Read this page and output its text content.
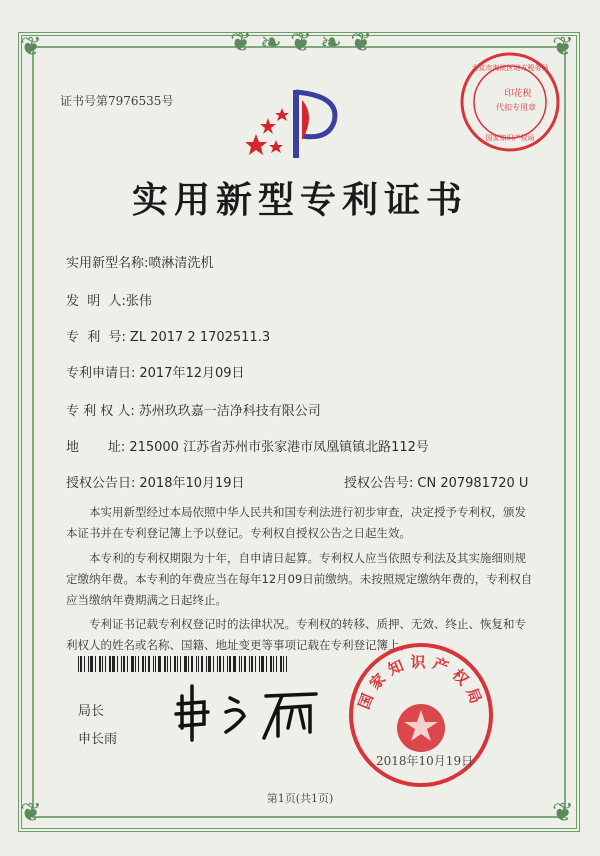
❦ ❧ ❦ ❧ ❦
❦	❦
❦	❦
证书号第7976535号
北京市海淀区地方税务局
印花税
代扣专用章
国家知识产权局
实用新型专利证书
实用新型名称:喷淋清洗机
发  明  人:张伟
专  利  号: ZL 2017 2 1702511.3
专利申请日: 2017年12月09日
专 利 权 人: 苏州玖玖嘉一洁净科技有限公司
地       址: 215000 江苏省苏州市张家港市凤凰镇镇北路112号
授权公告日: 2018年10月19日	授权公告号: CN 207981720 U
本实用新型经过本局依照中华人民共和国专利法进行初步审查，决定授予专利权，颁发本证书并在专利登记簿上予以登记。专利权自授权公告之日起生效。
本专利的专利权期限为十年，自申请日起算。专利权人应当依照专利法及其实施细则规定缴纳年费。本专利的年费应当在每年12月09日前缴纳。未按照规定缴纳年费的，专利权自应当缴纳年费期满之日起终止。
专利证书记载专利权登记时的法律状况。专利权的转移、质押、无效、终止、恢复和专利权人的姓名或名称、国籍、地址变更等事项记载在专利登记簿上。
局长
申长雨
国家知识产权局
2018年10月19日
第1页(共1页)
